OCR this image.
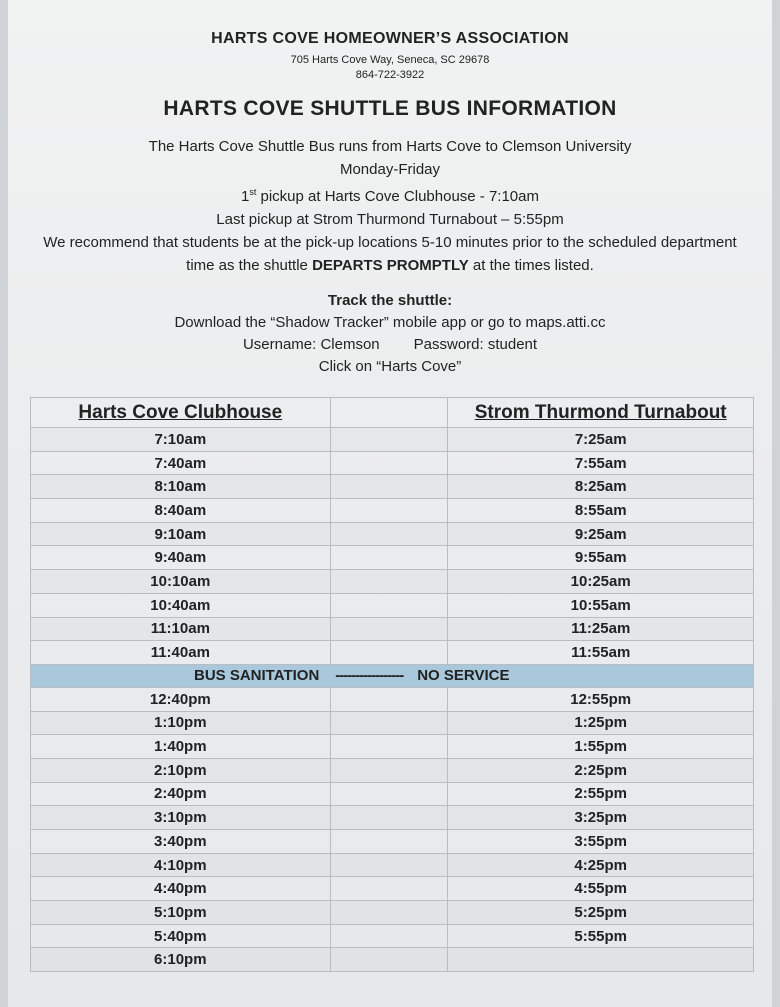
HARTS COVE HOMEOWNER’S ASSOCIATION
705 Harts Cove Way, Seneca, SC 29678
864-722-3922
HARTS COVE SHUTTLE BUS INFORMATION
The Harts Cove Shuttle Bus runs from Harts Cove to Clemson University
Monday-Friday
1st pickup at Harts Cove Clubhouse - 7:10am
Last pickup at Strom Thurmond Turnabout – 5:55pm
We recommend that students be at the pick-up locations 5-10 minutes prior to the scheduled department time as the shuttle DEPARTS PROMPTLY at the times listed.
Track the shuttle:
Download the “Shadow Tracker” mobile app or go to maps.atti.cc
Username: Clemson Password: student
Click on “Harts Cove”
Harts Cove Clubhouse		Strom Thurmond Turnabout
7:10am		7:25am
7:40am		7:55am
8:10am		8:25am
8:40am		8:55am
9:10am		9:25am
9:40am		9:55am
10:10am		10:25am
10:40am		10:55am
11:10am		11:25am
11:40am		11:55am

BUS SANITATION ----------------- NO SERVICE		

12:40pm		12:55pm
1:10pm		1:25pm
1:40pm		1:55pm
2:10pm		2:25pm
2:40pm		2:55pm
3:10pm		3:25pm
3:40pm		3:55pm
4:10pm		4:25pm
4:40pm		4:55pm
5:10pm		5:25pm
5:40pm		5:55pm
6:10pm		
